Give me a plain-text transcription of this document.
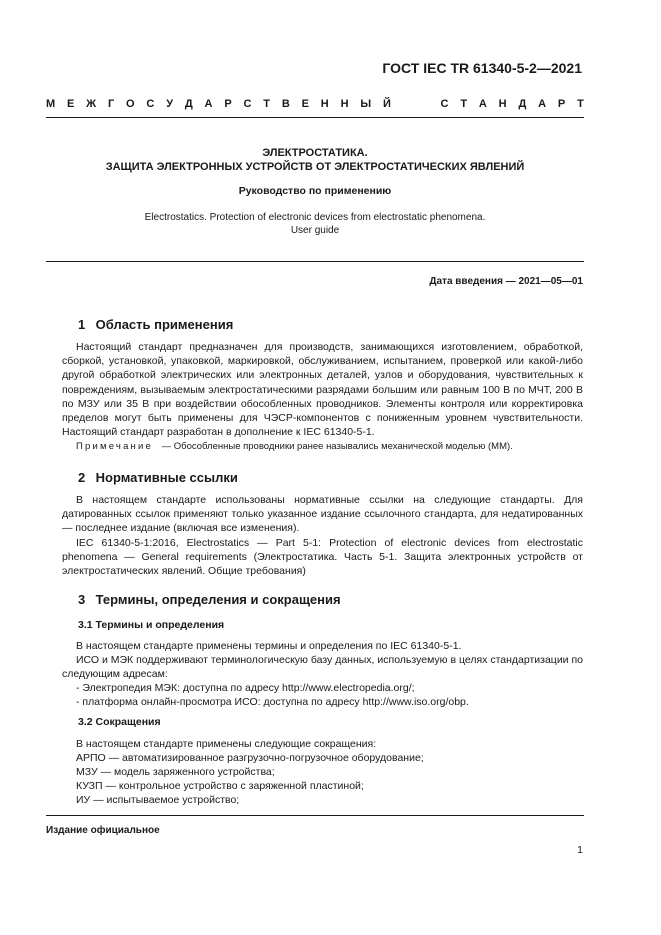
ГОСТ IEC TR 61340-5-2—2021
М Е Ж Г О С У Д А Р С Т В Е Н Н Ы Й	С Т А Н Д А Р Т
ЭЛЕКТРОСТАТИКА.
ЗАЩИТА ЭЛЕКТРОННЫХ УСТРОЙСТВ ОТ ЭЛЕКТРОСТАТИЧЕСКИХ ЯВЛЕНИЙ
Руководство по применению
Electrostatics. Protection of electronic devices from electrostatic phenomena.
User guide
Дата введения — 2021—05—01
1 Область применения

Настоящий стандарт предназначен для производств, занимающихся изготовлением, обработкой, сборкой, установкой, упаковкой, маркировкой, обслуживанием, испытанием, проверкой или какой-либо другой обработкой электрических или электронных деталей, узлов и оборудования, чувствительных к повреждениям, вызываемым электростатическими разрядами большим или равным 100 В по МЧТ, 200 В по МЗУ или 35 В при воздействии обособленных проводников. Элементы контроля или корректировка пределов могут быть применены для ЧЭСР-компонентов с пониженным уровнем чувствительности. Настоящий стандарт разработан в дополнение к IEC 61340-5-1.

Примечание — Обособленные проводники ранее назывались механической моделью (ММ).
2 Нормативные ссылки

В настоящем стандарте использованы нормативные ссылки на следующие стандарты. Для датированных ссылок применяют только указанное издание ссылочного стандарта, для недатированных — последнее издание (включая все изменения).

IEC 61340-5-1:2016, Electrostatics — Part 5-1: Protection of electronic devices from electrostatic phenomena — General requirements (Электростатика. Часть 5-1. Защита электронных устройств от электростатических явлений. Общие требования)

3 Термины, определения и сокращения
3.1 Термины и определения

В настоящем стандарте применены термины и определения по IEC 61340-5-1.

ИСО и МЭК поддерживают терминологическую базу данных, используемую в целях стандартизации по следующим адресам:

- Электропедия МЭК: доступна по адресу http://www.electropedia.org/;
- платформа онлайн-просмотра ИСО: доступна по адресу http://www.iso.org/obp.
3.2 Сокращения
В настоящем стандарте применены следующие сокращения:
АРПО — автоматизированное разгрузочно-погрузочное оборудование;
МЗУ — модель заряженного устройства;
КУЗП — контрольное устройство с заряженной пластиной;
ИУ — испытываемое устройство;
Издание официальное
1
